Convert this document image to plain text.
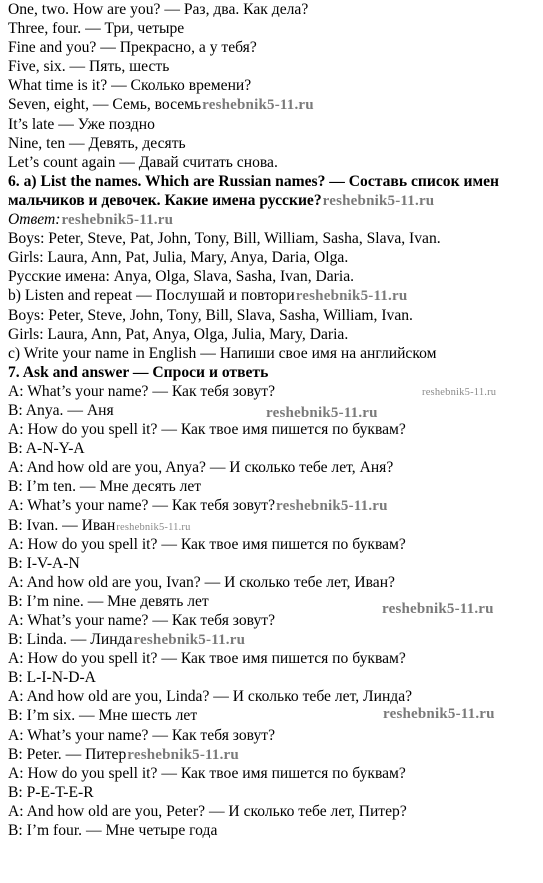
One, two. How are you? — Раз, два. Как дела?
Three, four. — Три, четыре
Fine and you? — Прекрасно, а у тебя?
Five, six. — Пять, шесть
What time is it? — Сколько времени?
Seven, eight, — Семь, восемьreshebnik5-11.ru
It’s late — Уже поздно
Nine, ten — Девять, десять
Let’s count again — Давай считать снова.
6. a) List the names. Which are Russian names? — Составь список имен
мальчиков и девочек. Какие имена русские?reshebnik5-11.ru
Ответ:reshebnik5-11.ru
Boys: Peter, Steve, Pat, John, Tony, Bill, William, Sasha, Slava, Ivan.
Girls: Laura, Ann, Pat, Julia, Mary, Anya, Daria, Olga.
Русские имена: Anya, Olga, Slava, Sasha, Ivan, Daria.
b) Listen and repeat — Послушай и повториreshebnik5-11.ru
Boys: Peter, Steve, John, Tony, Bill, Slava, Sasha, William, Ivan.
Girls: Laura, Ann, Pat, Anya, Olga, Julia, Mary, Daria.
c) Write your name in English — Напиши свое имя на английском
7. Ask and answer — Спроси и ответь
A: What’s your name? — Как тебя зовут?
B: Anya. — Аня
A: How do you spell it? — Как твое имя пишется по буквам?
B: A-N-Y-A
A: And how old are you, Anya? — И сколько тебе лет, Аня?
B: I’m ten. — Мне десять лет
A: What’s your name? — Как тебя зовут?reshebnik5-11.ru
B: Ivan. — Иванreshebnik5-11.ru
A: How do you spell it? — Как твое имя пишется по буквам?
B: I-V-A-N
A: And how old are you, Ivan? — И сколько тебе лет, Иван?
B: I’m nine. — Мне девять лет
A: What’s your name? — Как тебя зовут?
B: Linda. — Линдаreshebnik5-11.ru
A: How do you spell it? — Как твое имя пишется по буквам?
B: L-I-N-D-A
A: And how old are you, Linda? — И сколько тебе лет, Линда?
B: I’m six. — Мне шесть лет
A: What’s your name? — Как тебя зовут?
B: Peter. — Питерreshebnik5-11.ru
A: How do you spell it? — Как твое имя пишется по буквам?
B: P-E-T-E-R
A: And how old are you, Peter? — И сколько тебе лет, Питер?
B: I’m four. — Мне четыре года
reshebnik5-11.ru
reshebnik5-11.ru
reshebnik5-11.ru
reshebnik5-11.ru
